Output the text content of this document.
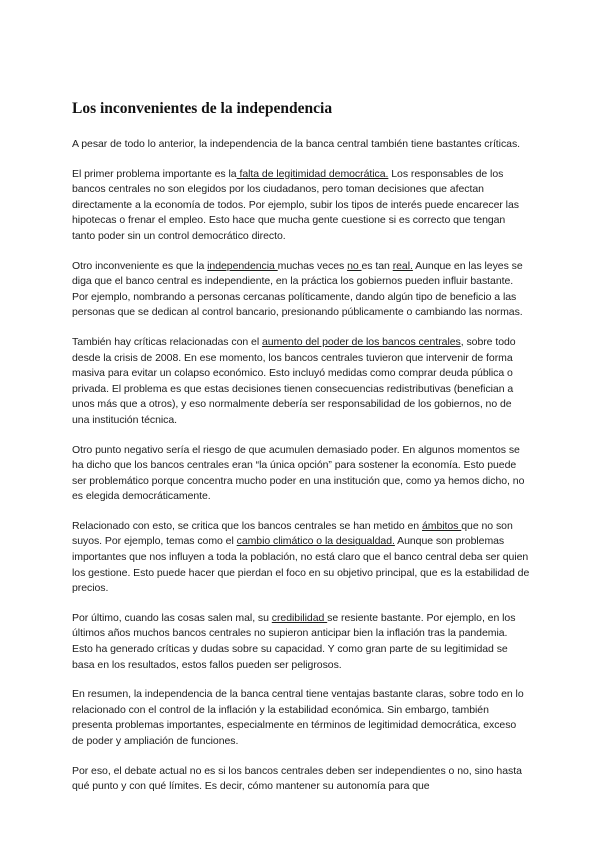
Los inconvenientes de la independencia

A pesar de todo lo anterior, la independencia de la banca central también tiene bastantes críticas.

El primer problema importante es la falta de legitimidad democrática. Los responsables de los bancos centrales no son elegidos por los ciudadanos, pero toman decisiones que afectan directamente a la economía de todos. Por ejemplo, subir los tipos de interés puede encarecer las hipotecas o frenar el empleo. Esto hace que mucha gente cuestione si es correcto que tengan tanto poder sin un control democrático directo.

Otro inconveniente es que la independencia muchas veces no es tan real. Aunque en las leyes se diga que el banco central es independiente, en la práctica los gobiernos pueden influir bastante. Por ejemplo, nombrando a personas cercanas políticamente, dando algún tipo de beneficio a las personas que se dedican al control bancario, presionando públicamente o cambiando las normas.

También hay críticas relacionadas con el aumento del poder de los bancos centrales, sobre todo desde la crisis de 2008. En ese momento, los bancos centrales tuvieron que intervenir de forma masiva para evitar un colapso económico. Esto incluyó medidas como comprar deuda pública o privada. El problema es que estas decisiones tienen consecuencias redistributivas (benefician a unos más que a otros), y eso normalmente debería ser responsabilidad de los gobiernos, no de una institución técnica.

Otro punto negativo sería el riesgo de que acumulen demasiado poder. En algunos momentos se ha dicho que los bancos centrales eran “la única opción” para sostener la economía. Esto puede ser problemático porque concentra mucho poder en una institución que, como ya hemos dicho, no es elegida democráticamente.

Relacionado con esto, se critica que los bancos centrales se han metido en ámbitos que no son suyos. Por ejemplo, temas como el cambio climático o la desigualdad. Aunque son problemas importantes que nos influyen a toda la población, no está claro que el banco central deba ser quien los gestione. Esto puede hacer que pierdan el foco en su objetivo principal, que es la estabilidad de precios.

Por último, cuando las cosas salen mal, su credibilidad se resiente bastante. Por ejemplo, en los últimos años muchos bancos centrales no supieron anticipar bien la inflación tras la pandemia. Esto ha generado críticas y dudas sobre su capacidad. Y como gran parte de su legitimidad se basa en los resultados, estos fallos pueden ser peligrosos.

En resumen, la independencia de la banca central tiene ventajas bastante claras, sobre todo en lo relacionado con el control de la inflación y la estabilidad económica. Sin embargo, también presenta problemas importantes, especialmente en términos de legitimidad democrática, exceso de poder y ampliación de funciones.

Por eso, el debate actual no es si los bancos centrales deben ser independientes o no, sino hasta qué punto y con qué límites. Es decir, cómo mantener su autonomía para que
